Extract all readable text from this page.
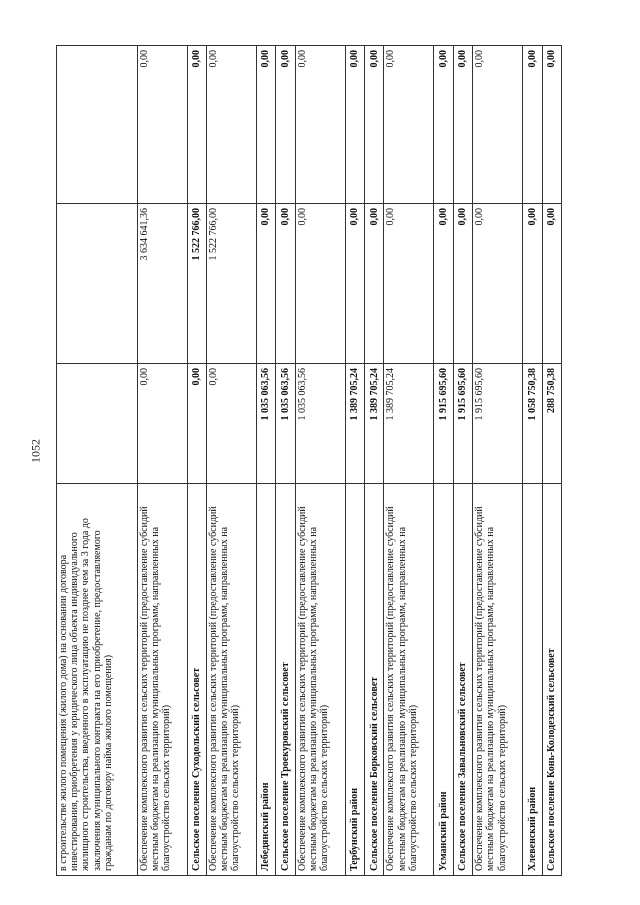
1052
в строительстве жилого помещения (жилого дома) на основании договора инвестирования, приобретения у юридического лица объекта индивидуального жилищного строительства, введенного в эксплуатацию не позднее чем за 3 года до заключения муниципального контракта на его приобретение, предоставляемого гражданам по договору найма жилого помещения)			
Обеспечение комплексного развития сельских территорий (предоставление субсидий местным бюджетам на реализацию муниципальных программ, направленных на благоустройство сельских территорий)	0,00	3 634 641,36	0,00
Сельское поселение Суходольский сельсовет	0,00	1 522 766,00	0,00
Обеспечение комплексного развития сельских территорий (предоставление субсидий местным бюджетам на реализацию муниципальных программ, направленных на благоустройство сельских территорий)	0,00	1 522 766,00	0,00
Лебедянский район	1 035 063,56	0,00	0,00
Сельское поселение Троекуровский сельсовет	1 035 063,56	0,00	0,00
Обеспечение комплексного развития сельских территорий (предоставление субсидий местным бюджетам на реализацию муниципальных программ, направленных на благоустройство сельских территорий)	1 035 063,56	0,00	0,00
Тербунский район	1 389 705,24	0,00	0,00
Сельское поселение Борковский сельсовет	1 389 705,24	0,00	0,00
Обеспечение комплексного развития сельских территорий (предоставление субсидий местным бюджетам на реализацию муниципальных программ, направленных на благоустройство сельских территорий)	1 389 705,24	0,00	0,00
Усманский район	1 915 695,60	0,00	0,00
Сельское поселение Завальновский сельсовет	1 915 695,60	0,00	0,00
Обеспечение комплексного развития сельских территорий (предоставление субсидий местным бюджетам на реализацию муниципальных программ, направленных на благоустройство сельских территорий)	1 915 695,60	0,00	0,00
Хлевенский район	1 058 750,38	0,00	0,00
Сельское поселение Конь-Колодезский сельсовет	288 750,38	0,00	0,00
